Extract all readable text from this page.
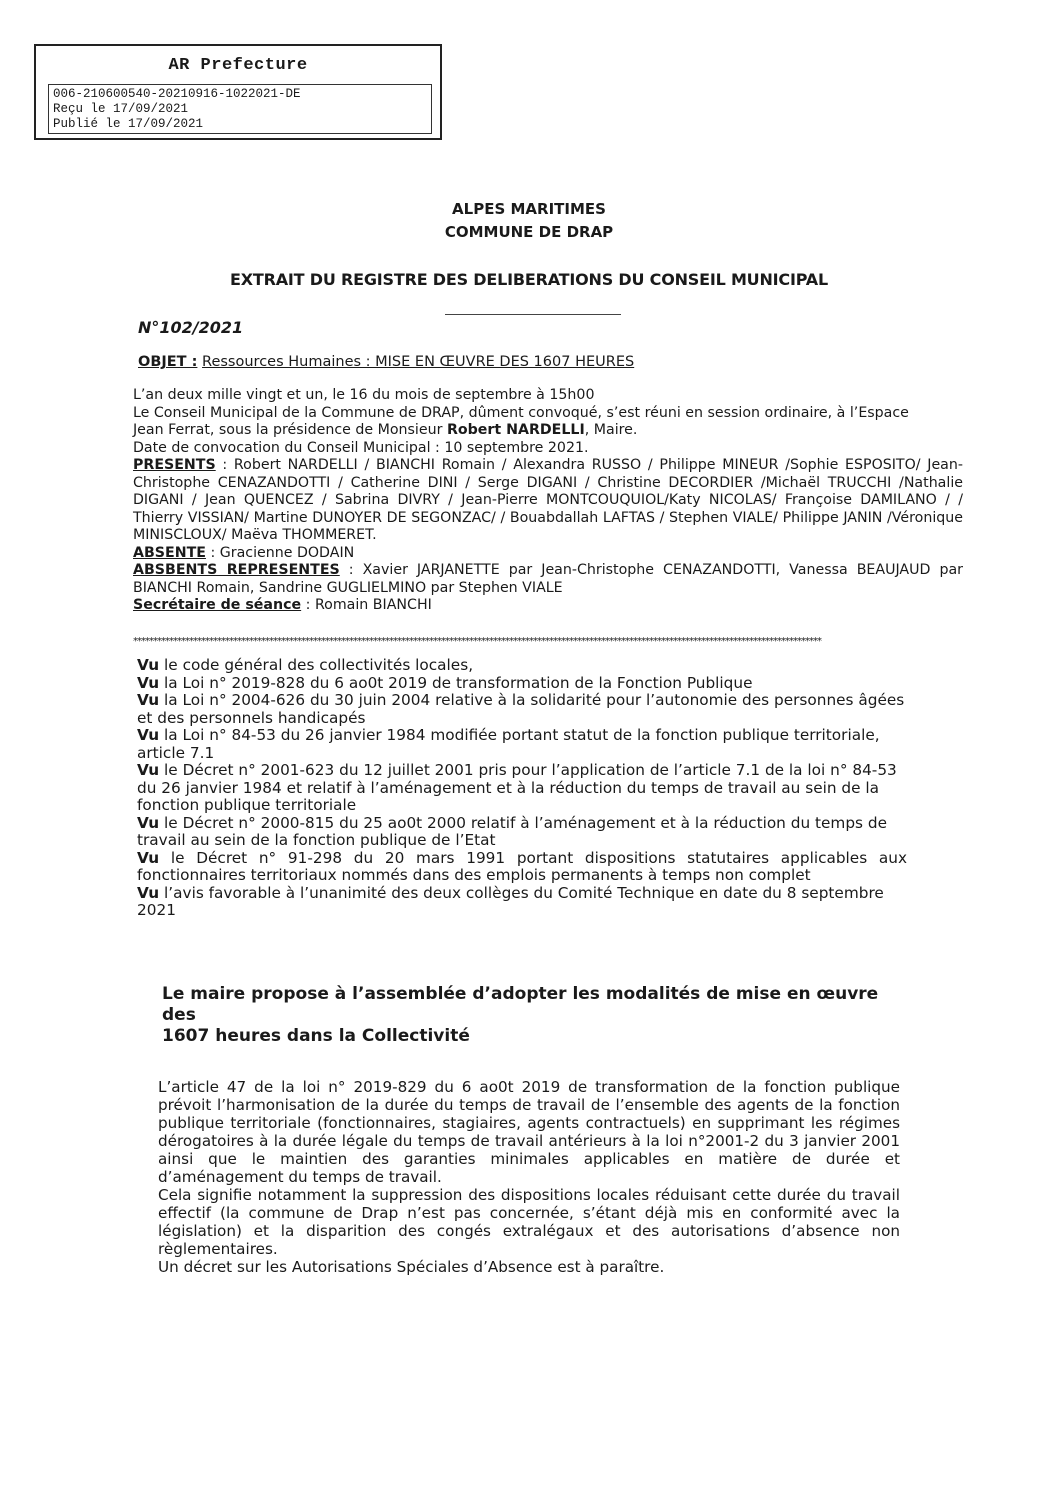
AR Prefecture
006-210600540-20210916-1022021-DE
Reçu le 17/09/2021
Publié le 17/09/2021
ALPES MARITIMES
COMMUNE DE DRAP
EXTRAIT DU REGISTRE DES DELIBERATIONS DU CONSEIL MUNICIPAL
N°102/2021
OBJET : Ressources Humaines : MISE EN ŒUVRE DES 1607 HEURES

L’an deux mille vingt et un, le 16 du mois de septembre à 15h00

Le Conseil Municipal de la Commune de DRAP, dûment convoqué, s’est réuni en session ordinaire, à l’Espace
Jean Ferrat, sous la présidence de Monsieur Robert NARDELLI, Maire.

Date de convocation du Conseil Municipal : 10 septembre 2021.

PRESENTS : Robert NARDELLI / BIANCHI Romain / Alexandra RUSSO / Philippe MINEUR /Sophie ESPOSITO/ Jean-Christophe CENAZANDOTTI / Catherine DINI / Serge DIGANI / Christine DECORDIER /Michaël TRUCCHI /Nathalie DIGANI / Jean QUENCEZ / Sabrina DIVRY / Jean-Pierre MONTCOUQUIOL/Katy NICOLAS/ Françoise DAMILANO / / Thierry VISSIAN/ Martine DUNOYER DE SEGONZAC/ / Bouabdallah LAFTAS / Stephen VIALE/ Philippe JANIN /Véronique MINISCLOUX/ Maëva THOMMERET.

ABSENTE : Gracienne DODAIN

ABSBENTS REPRESENTES : Xavier JARJANETTE par Jean-Christophe CENAZANDOTTI, Vanessa BEAUJAUD par BIANCHI Romain, Sandrine GUGLIELMINO par Stephen VIALE

Secrétaire de séance : Romain BIANCHI

****************************************************************************************************************************************************************************

Vu le code général des collectivités locales,

Vu la Loi n° 2019-828 du 6 ao0t 2019 de transformation de la Fonction Publique

Vu la Loi n° 2004-626 du 30 juin 2004 relative à la solidarité pour l’autonomie des personnes âgées et des personnels handicapés

Vu la Loi n° 84-53 du 26 janvier 1984 modifiée portant statut de la fonction publique territoriale, article 7.1

Vu le Décret n° 2001-623 du 12 juillet 2001 pris pour l’application de l’article 7.1 de la loi n° 84-53 du 26 janvier 1984 et relatif à l’aménagement et à la réduction du temps de travail au sein de la fonction publique territoriale

Vu le Décret n° 2000-815 du 25 ao0t 2000 relatif à l’aménagement et à la réduction du temps de travail au sein de la fonction publique de l’Etat

Vu le Décret n° 91-298 du 20 mars 1991 portant dispositions statutaires applicables aux fonctionnaires territoriaux nommés dans des emplois permanents à temps non complet

Vu l’avis favorable à l’unanimité des deux collèges du Comité Technique en date du 8 septembre 2021

Le maire propose à l’assemblée d’adopter les modalités de mise en œuvre des

1607 heures dans la Collectivité

L’article 47 de la loi n° 2019-829 du 6 ao0t 2019 de transformation de la fonction publique prévoit l’harmonisation de la durée du temps de travail de l’ensemble des agents de la fonction publique territoriale (fonctionnaires, stagiaires, agents contractuels) en supprimant les régimes dérogatoires à la durée légale du temps de travail antérieurs à la loi n°2001-2 du 3 janvier 2001 ainsi que le maintien des garanties minimales applicables en matière de durée et d’aménagement du temps de travail.

Cela signifie notamment la suppression des dispositions locales réduisant cette durée du travail effectif (la commune de Drap n’est pas concernée, s’étant déjà mis en conformité avec la législation) et la disparition des congés extralégaux et des autorisations d’absence non règlementaires.

Un décret sur les Autorisations Spéciales d’Absence est à paraître.
